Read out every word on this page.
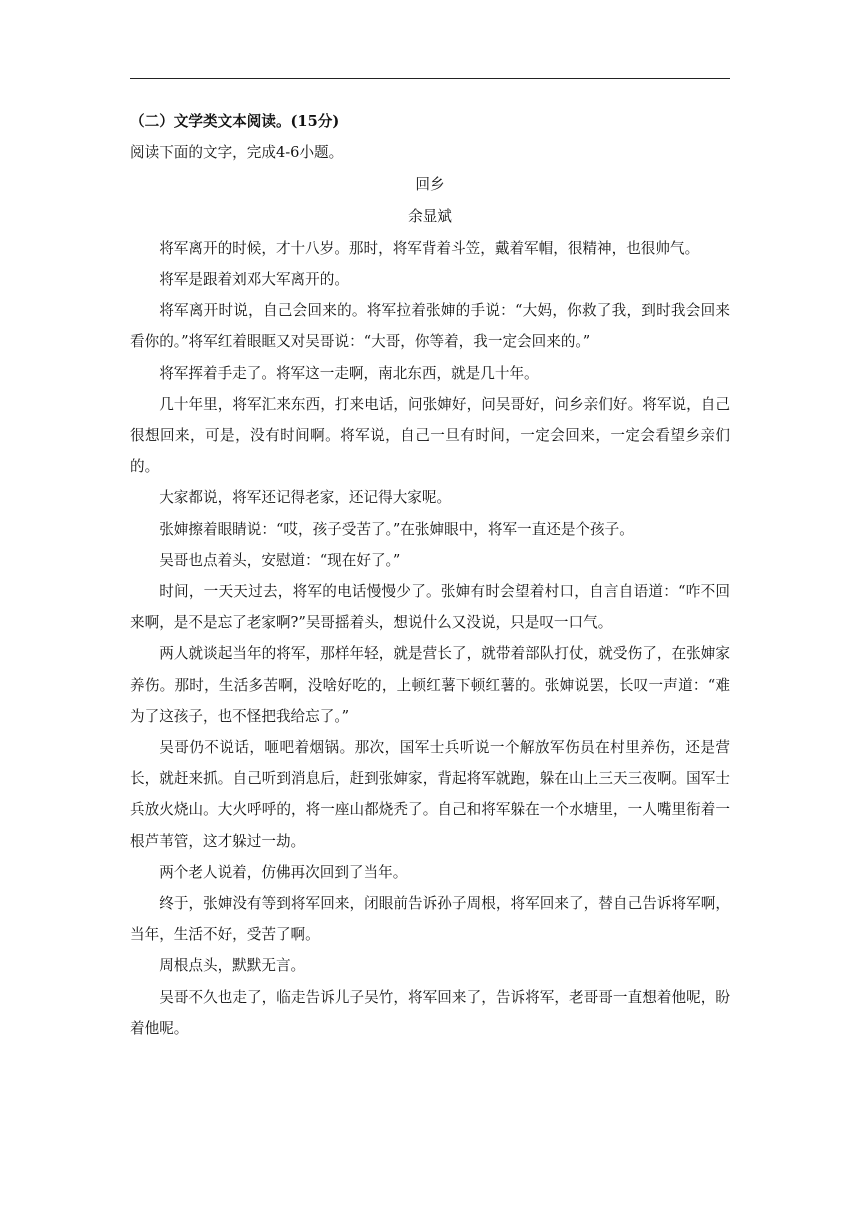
（二）文学类文本阅读。(15分)

阅读下面的文字，完成4-6小题。

回乡

余显斌

将军离开的时候，才十八岁。那时，将军背着斗笠，戴着军帽，很精神，也很帅气。

将军是跟着刘邓大军离开的。

将军离开时说，自己会回来的。将军拉着张婶的手说：“大妈，你救了我，到时我会回来看你的。”将军红着眼眶又对吴哥说：“大哥，你等着，我一定会回来的。”

将军挥着手走了。将军这一走啊，南北东西，就是几十年。

几十年里，将军汇来东西，打来电话，问张婶好，问吴哥好，问乡亲们好。将军说，自己很想回来，可是，没有时间啊。将军说，自己一旦有时间，一定会回来，一定会看望乡亲们的。

大家都说，将军还记得老家，还记得大家呢。

张婶擦着眼睛说：“哎，孩子受苦了。”在张婶眼中，将军一直还是个孩子。

吴哥也点着头，安慰道：“现在好了。”

时间，一天天过去，将军的电话慢慢少了。张婶有时会望着村口，自言自语道：“咋不回来啊，是不是忘了老家啊?”吴哥摇着头，想说什么又没说，只是叹一口气。

两人就谈起当年的将军，那样年轻，就是营长了，就带着部队打仗，就受伤了，在张婶家养伤。那时，生活多苦啊，没啥好吃的，上顿红薯下顿红薯的。张婶说罢，长叹一声道：“难为了这孩子，也不怪把我给忘了。”

吴哥仍不说话，咂吧着烟锅。那次，国军士兵听说一个解放军伤员在村里养伤，还是营长，就赶来抓。自己听到消息后，赶到张婶家，背起将军就跑，躲在山上三天三夜啊。国军士兵放火烧山。大火呼呼的，将一座山都烧秃了。自己和将军躲在一个水塘里，一人嘴里衔着一根芦苇管，这才躲过一劫。

两个老人说着，仿佛再次回到了当年。

终于，张婶没有等到将军回来，闭眼前告诉孙子周根，将军回来了，替自己告诉将军啊，当年，生活不好，受苦了啊。

周根点头，默默无言。

吴哥不久也走了，临走告诉儿子吴竹，将军回来了，告诉将军，老哥哥一直想着他呢，盼着他呢。
